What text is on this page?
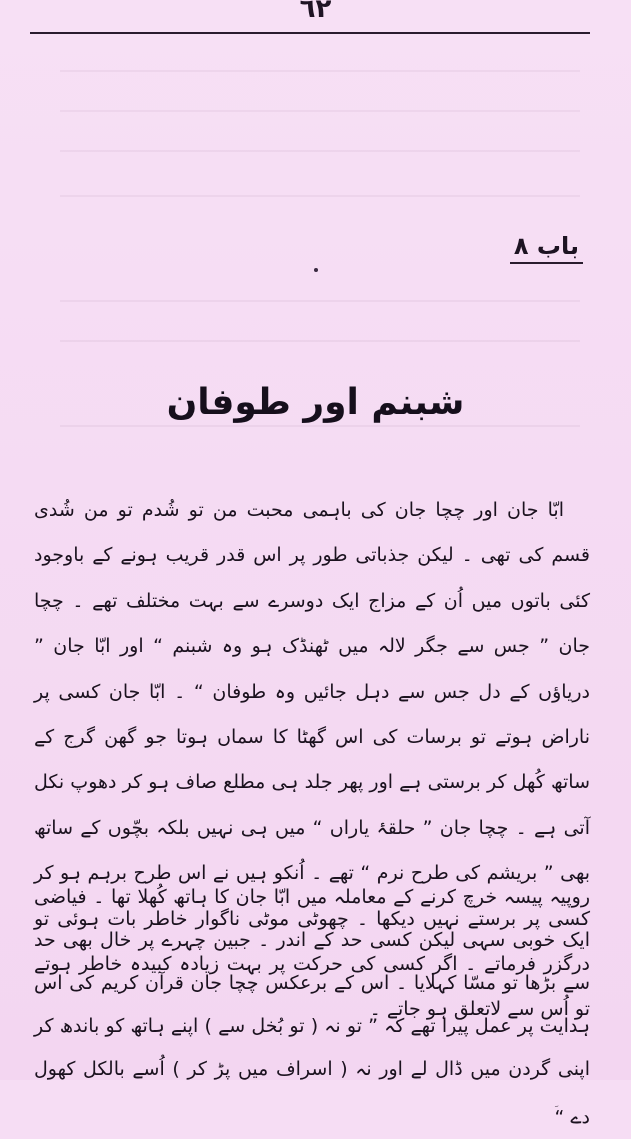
٦٢
باب ۸
شبنم اور طوفان
ابّا جان اور چچا جان کی باہمی محبت من تو شُدم تو من شُدی قسم کی تھی ۔ لیکن جذباتی طور پر اس قدر قریب ہونے کے باوجود کئی باتوں میں اُن کے مزاج ایک دوسرے سے بہت مختلف تھے ۔ چچا جان ” جس سے جگر لالہ میں ٹھنڈک ہو وہ شبنم “ اور ابّا جان ” دریاؤں کے دل جس سے دہل جائیں وہ طوفان “ ۔ ابّا جان کسی پر ناراض ہوتے تو برسات کی اس گھٹا کا سماں ہوتا جو گھن گرج کے ساتھ کُھل کر برستی ہے اور پھر جلد ہی مطلع صاف ہو کر دھوپ نکل آتی ہے ۔ چچا جان ” حلقۂ یاراں “ میں ہی نہیں بلکہ بچّوں کے ساتھ بھی ” بریشم کی طرح نرم “ تھے ۔ اُنکو ہیں نے اس طرح برہم ہو کر کسی پر برستے نہیں دیکھا ۔ چھوٹی موٹی ناگوار خاطر بات ہوئی تو درگزر فرماتے ۔ اگر کسی کی حرکت پر بہت زیادہ کبیدہ خاطر ہوتے تو اُس سے لاتعلق ہو جاتے ۔
روپیہ پیسہ خرچ کرنے کے معاملہ میں ابّا جان کا ہاتھ کُھلا تھا ۔ فیاضی ایک خوبی سہی لیکن کسی حد کے اندر ۔ جبین چہرے پر خال بھی حد سے بڑھا تو مسّا کہلایا ۔ اس کے برعکس چچا جان قرآن کریم کی اس ہدایت پر عمل پیرا تھے کہ ” تو نہ ( تو بُخل سے ) اپنے ہاتھ کو باندھ کر اپنی گردن میں ڈال لے اور نہ ( اسراف میں پڑ کر ) اُسے بالکل کھول دے “
